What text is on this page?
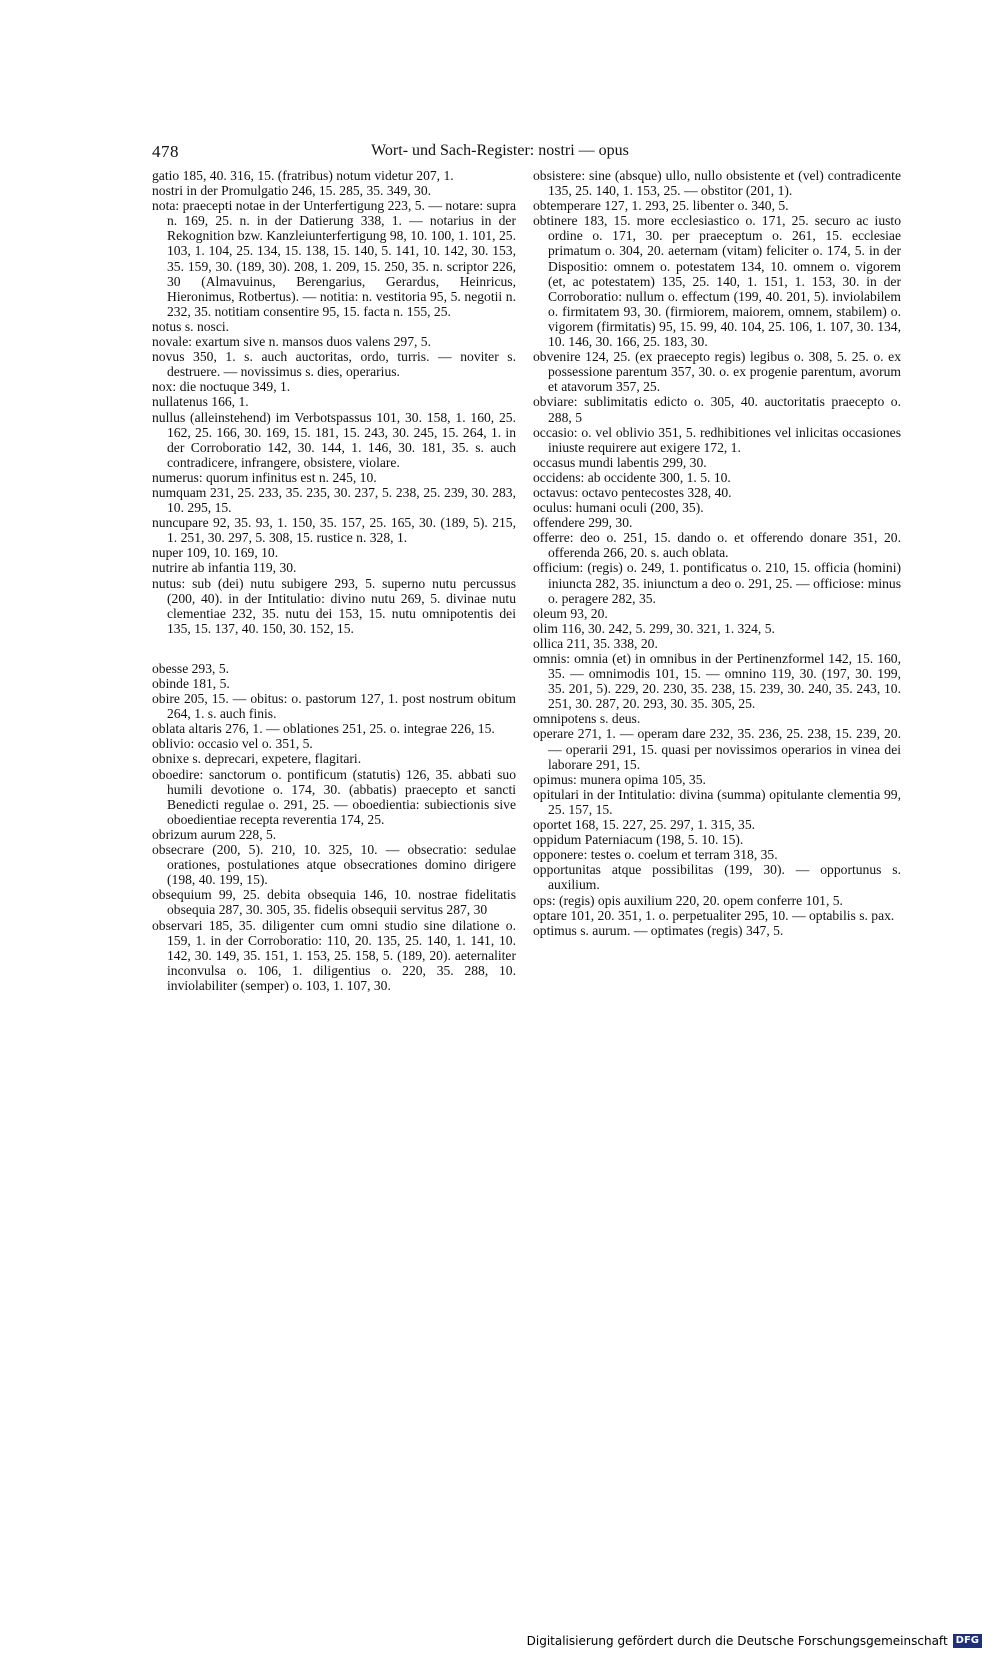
478	Wort- und Sach-Register: nostri — opus

gatio 185, 40. 316, 15. (fratribus) notum videtur 207, 1.

nostri in der Promulgatio 246, 15. 285, 35. 349, 30.

nota: praecepti notae in der Unterfertigung 223, 5. — notare: supra n. 169, 25. n. in der Datierung 338, 1. — notarius in der Rekognition bzw. Kanzleiunterfertigung 98, 10. 100, 1. 101, 25. 103, 1. 104, 25. 134, 15. 138, 15. 140, 5. 141, 10. 142, 30. 153, 35. 159, 30. (189, 30). 208, 1. 209, 15. 250, 35. n. scriptor 226, 30 (Almavuinus, Berengarius, Gerardus, Heinricus, Hieronimus, Rotbertus). — notitia: n. vestitoria 95, 5. negotii n. 232, 35. notitiam consentire 95, 15. facta n. 155, 25.

notus s. nosci.

novale: exartum sive n. mansos duos valens 297, 5.

novus 350, 1. s. auch auctoritas, ordo, turris. — noviter s. destruere. — novissimus s. dies, operarius.

nox: die noctuque 349, 1.

nullatenus 166, 1.

nullus (alleinstehend) im Verbotspassus 101, 30. 158, 1. 160, 25. 162, 25. 166, 30. 169, 15. 181, 15. 243, 30. 245, 15. 264, 1. in der Corroboratio 142, 30. 144, 1. 146, 30. 181, 35. s. auch contradicere, infrangere, obsistere, violare.

numerus: quorum infinitus est n. 245, 10.

numquam 231, 25. 233, 35. 235, 30. 237, 5. 238, 25. 239, 30. 283, 10. 295, 15.

nuncupare 92, 35. 93, 1. 150, 35. 157, 25. 165, 30. (189, 5). 215, 1. 251, 30. 297, 5. 308, 15. rustice n. 328, 1.

nuper 109, 10. 169, 10.

nutrire ab infantia 119, 30.

nutus: sub (dei) nutu subigere 293, 5. superno nutu percussus (200, 40). in der Intitulatio: divino nutu 269, 5. divinae nutu clementiae 232, 35. nutu dei 153, 15. nutu omnipotentis dei 135, 15. 137, 40. 150, 30. 152, 15.

obesse 293, 5.

obinde 181, 5.

obire 205, 15. — obitus: o. pastorum 127, 1. post nostrum obitum 264, 1. s. auch finis.

oblata altaris 276, 1. — oblationes 251, 25. o. integrae 226, 15.

oblivio: occasio vel o. 351, 5.

obnixe s. deprecari, expetere, flagitari.

oboedire: sanctorum o. pontificum (statutis) 126, 35. abbati suo humili devotione o. 174, 30. (abbatis) praecepto et sancti Benedicti regulae o. 291, 25. — oboedientia: subiectionis sive oboedientiae recepta reverentia 174, 25.

obrizum aurum 228, 5.

obsecrare (200, 5). 210, 10. 325, 10. — obsecratio: sedulae orationes, postulationes atque obsecrationes domino dirigere (198, 40. 199, 15).

obsequium 99, 25. debita obsequia 146, 10. nostrae fidelitatis obsequia 287, 30. 305, 35. fidelis obsequii servitus 287, 30

observari 185, 35. diligenter cum omni studio sine dilatione o. 159, 1. in der Corroboratio: 110, 20. 135, 25. 140, 1. 141, 10. 142, 30. 149, 35. 151, 1. 153, 25. 158, 5. (189, 20). aeternaliter inconvulsa o. 106, 1. diligentius o. 220, 35. 288, 10. inviolabiliter (semper) o. 103, 1. 107, 30.

obsistere: sine (absque) ullo, nullo obsistente et (vel) contradicente 135, 25. 140, 1. 153, 25. — obstitor (201, 1).

obtemperare 127, 1. 293, 25. libenter o. 340, 5.

obtinere 183, 15. more ecclesiastico o. 171, 25. securo ac iusto ordine o. 171, 30. per praeceptum o. 261, 15. ecclesiae primatum o. 304, 20. aeternam (vitam) feliciter o. 174, 5. in der Dispositio: omnem o. potestatem 134, 10. omnem o. vigorem (et, ac potestatem) 135, 25. 140, 1. 151, 1. 153, 30. in der Corroboratio: nullum o. effectum (199, 40. 201, 5). inviolabilem o. firmitatem 93, 30. (firmiorem, maiorem, omnem, stabilem) o. vigorem (firmitatis) 95, 15. 99, 40. 104, 25. 106, 1. 107, 30. 134, 10. 146, 30. 166, 25. 183, 30.

obvenire 124, 25. (ex praecepto regis) legibus o. 308, 5. 25. o. ex possessione parentum 357, 30. o. ex progenie parentum, avorum et atavorum 357, 25.

obviare: sublimitatis edicto o. 305, 40. auctoritatis praecepto o. 288, 5

occasio: o. vel oblivio 351, 5. redhibitiones vel inlicitas occasiones iniuste requirere aut exigere 172, 1.

occasus mundi labentis 299, 30.

occidens: ab occidente 300, 1. 5. 10.

octavus: octavo pentecostes 328, 40.

oculus: humani oculi (200, 35).

offendere 299, 30.

offerre: deo o. 251, 15. dando o. et offerendo donare 351, 20. offerenda 266, 20. s. auch oblata.

officium: (regis) o. 249, 1. pontificatus o. 210, 15. officia (homini) iniuncta 282, 35. iniunctum a deo o. 291, 25. — officiose: minus o. peragere 282, 35.

oleum 93, 20.

olim 116, 30. 242, 5. 299, 30. 321, 1. 324, 5.

ollica 211, 35. 338, 20.

omnis: omnia (et) in omnibus in der Pertinenzformel 142, 15. 160, 35. — omnimodis 101, 15. — omnino 119, 30. (197, 30. 199, 35. 201, 5). 229, 20. 230, 35. 238, 15. 239, 30. 240, 35. 243, 10. 251, 30. 287, 20. 293, 30. 35. 305, 25.

omnipotens s. deus.

operare 271, 1. — operam dare 232, 35. 236, 25. 238, 15. 239, 20. — operarii 291, 15. quasi per novissimos operarios in vinea dei laborare 291, 15.

opimus: munera opima 105, 35.

opitulari in der Intitulatio: divina (summa) opitulante clementia 99, 25. 157, 15.

oportet 168, 15. 227, 25. 297, 1. 315, 35.

oppidum Paterniacum (198, 5. 10. 15).

opponere: testes o. coelum et terram 318, 35.

opportunitas atque possibilitas (199, 30). — opportunus s. auxilium.

ops: (regis) opis auxilium 220, 20. opem conferre 101, 5.

optare 101, 20. 351, 1. o. perpetualiter 295, 10. — optabilis s. pax.

optimus s. aurum. — optimates (regis) 347, 5.

Digitalisierung gefördert durch die Deutsche Forschungsgemeinschaft DFG
